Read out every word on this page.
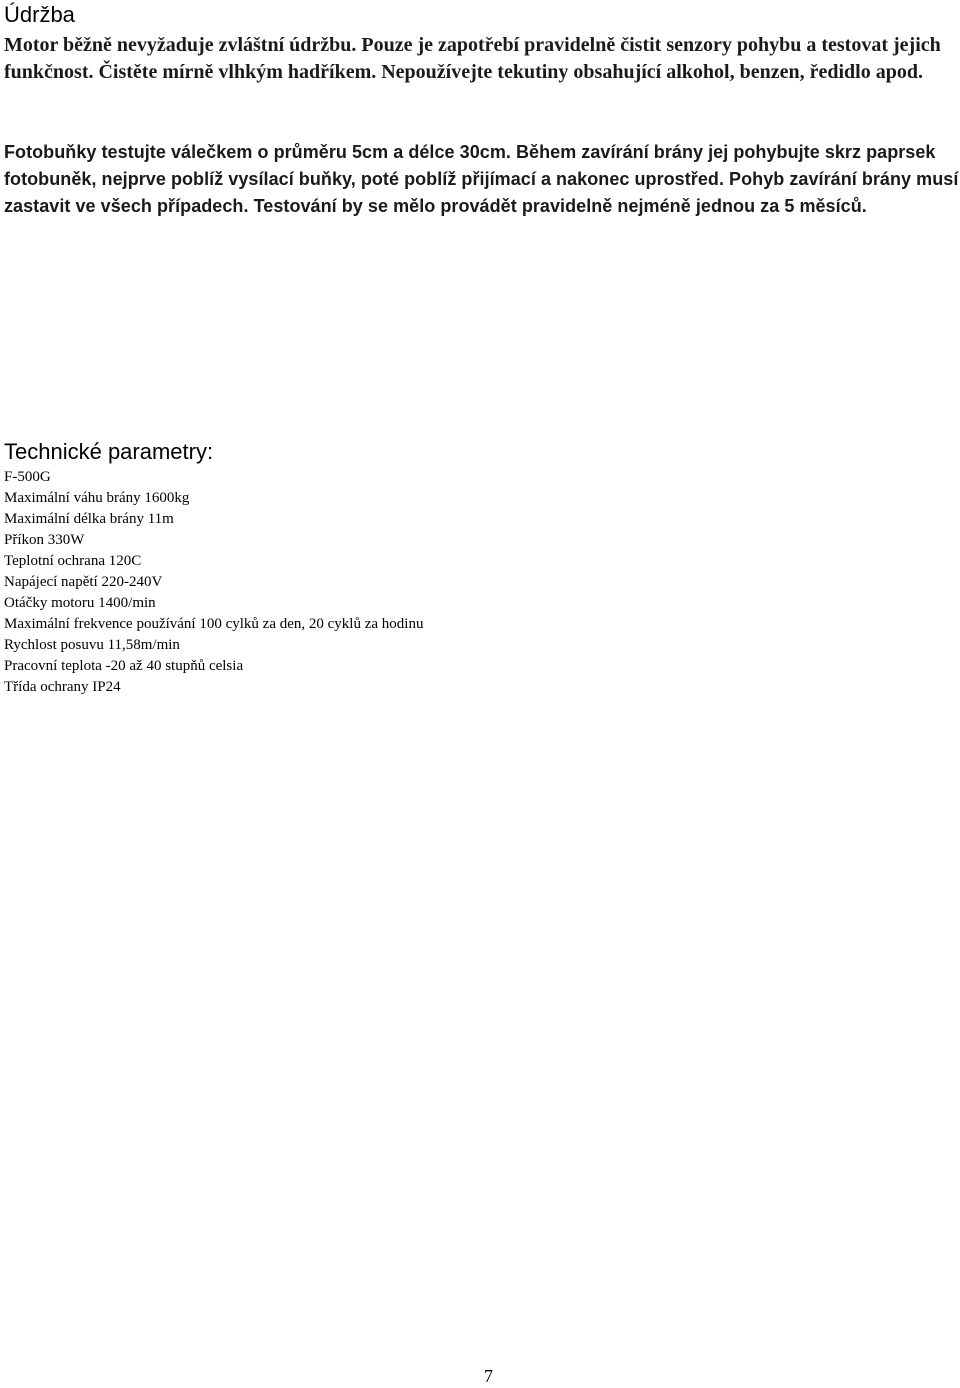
Údržba

Motor běžně nevyžaduje zvláštní údržbu. Pouze je zapotřebí pravidelně čistit senzory pohybu a testovat jejich funkčnost. Čistěte mírně vlhkým hadříkem. Nepoužívejte tekutiny obsahující alkohol, benzen, ředidlo apod.

Fotobuňky testujte válečkem o průměru 5cm a délce 30cm. Během zavírání brány jej pohybujte skrz paprsek fotobuněk, nejprve poblíž vysílací buňky, poté poblíž přijímací a nakonec uprostřed. Pohyb zavírání brány musí zastavit ve všech případech. Testování by se mělo provádět pravidelně nejméně jednou za 5 měsíců.

Technické parametry:
F-500G
Maximální váhu brány 1600kg
Maximální délka brány 11m
Příkon 330W
Teplotní ochrana 120C
Napájecí napětí 220-240V
Otáčky motoru 1400/min
Maximální frekvence používání 100 cylků za den, 20 cyklů za hodinu
Rychlost posuvu 11,58m/min
Pracovní teplota -20 až 40 stupňů celsia
Třída ochrany IP24
7
